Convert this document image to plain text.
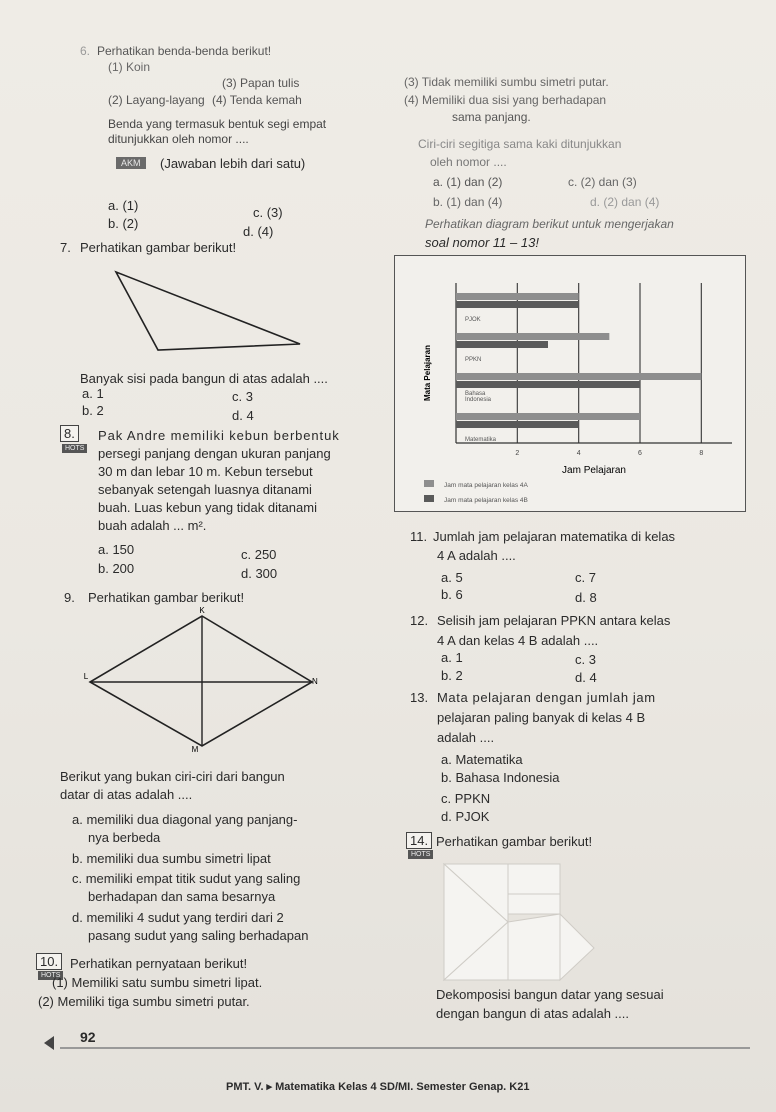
6. Perhatikan benda-benda berikut!
(1) Koin
(3) Papan tulis
(2) Layang-layang (4) Tenda kemah
Benda yang termasuk bentuk segi empat
ditunjukkan oleh nomor ....
AKM	(Jawaban lebih dari satu)
a. (1)	c. (3)
b. (2)
d. (4)
(3) Tidak memiliki sumbu simetri putar.
(4) Memiliki dua sisi yang berhadapan
sama panjang.
Ciri-ciri segitiga sama kaki ditunjukkan
oleh nomor ....
a. (1) dan (2)	c. (2) dan (3)
b. (1) dan (4)	d. (2) dan (4)
Perhatikan diagram berikut untuk mengerjakan
soal nomor 11 – 13!
7. Perhatikan gambar berikut!
Banyak sisi pada bangun di atas adalah ....
a. 1	c. 3
b. 2	d. 4
8.
HOTS
Pak Andre memiliki kebun berbentuk
persegi panjang dengan ukuran panjang
30 m dan lebar 10 m. Kebun tersebut
sebanyak setengah luasnya ditanami
buah. Luas kebun yang tidak ditanami
buah adalah ... m².
a. 150	c. 250
b. 200	d. 300
9. Perhatikan gambar berikut!
K
L
M
N
Berikut yang bukan ciri-ciri dari bangun
datar di atas adalah ....
a. memiliki dua diagonal yang panjang-
nya berbeda
b. memiliki dua sumbu simetri lipat
c. memiliki empat titik sudut yang saling
berhadapan dan sama besarnya
d. memiliki 4 sudut yang terdiri dari 2
pasang sudut yang saling berhadapan
10.
HOTS
Perhatikan pernyataan berikut!
(1) Memiliki satu sumbu simetri lipat.
(2) Memiliki tiga sumbu simetri putar.
Mata Pelajaran
Jam Pelajaran
Jam mata pelajaran kelas 4A
Jam mata pelajaran kelas 4B
2	4	6	8
PJOK
PPKN
Bahasa
Indonesia
Matematika
11. Jumlah jam pelajaran matematika di kelas
4 A adalah ....
a. 5	c. 7
b. 6	d. 8
12. Selisih jam pelajaran PPKN antara kelas
4 A dan kelas 4 B adalah ....
a. 1	c. 3
b. 2	d. 4
13. Mata pelajaran dengan jumlah jam
pelajaran paling banyak di kelas 4 B
adalah ....
a. Matematika
b. Bahasa Indonesia
c. PPKN
d. PJOK
14.
HOTS
Perhatikan gambar berikut!
Dekomposisi bangun datar yang sesuai
dengan bangun di atas adalah ....
92
PMT. V. ▸ Matematika Kelas 4 SD/MI. Semester Genap. K21
